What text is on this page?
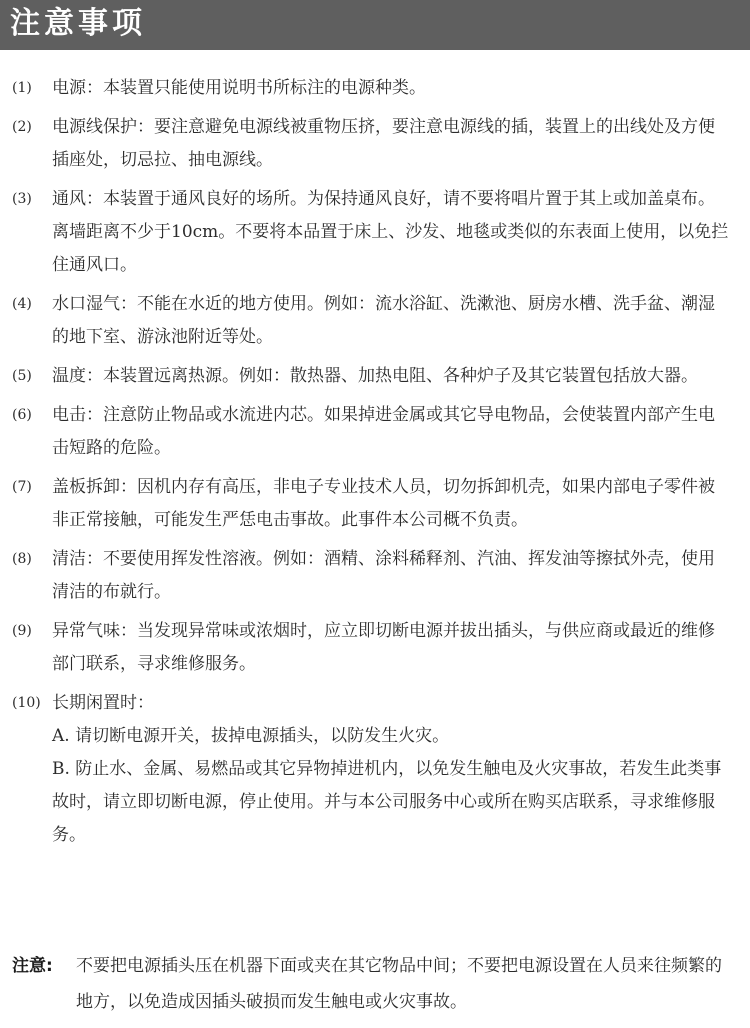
注意事项
(1)	电源：本装置只能使用说明书所标注的电源种类。
(2)	电源线保护：要注意避免电源线被重物压挤，要注意电源线的插，装置上的出线处及方便插座处，切忌拉、抽电源线。
(3)	通风：本装置于通风良好的场所。为保持通风良好，请不要将唱片置于其上或加盖桌布。离墙距离不少于10cm。不要将本品置于床上、沙发、地毯或类似的东表面上使用，以免拦住通风口。
(4)	水口湿气：不能在水近的地方使用。例如：流水浴缸、洗漱池、厨房水槽、洗手盆、潮湿的地下室、游泳池附近等处。
(5)	温度：本装置远离热源。例如：散热器、加热电阻、各种炉子及其它装置包括放大器。
(6)	电击：注意防止物品或水流进内芯。如果掉进金属或其它导电物品，会使装置内部产生电击短路的危险。
(7)	盖板拆卸：因机内存有高压，非电子专业技术人员，切勿拆卸机壳，如果内部电子零件被非正常接触，可能发生严恁电击事故。此事件本公司概不负责。
(8)	清洁：不要使用挥发性溶液。例如：酒精、涂料稀释剂、汽油、挥发油等擦拭外壳，使用清洁的布就行。
(9)	异常气味：当发现异常味或浓烟时，应立即切断电源并拔出插头，与供应商或最近的维修部门联系，寻求维修服务。
(10) 长期闲置时：
A. 请切断电源开关，拔掉电源插头，以防发生火灾。
B. 防止水、金属、易燃品或其它异物掉进机内，以免发生触电及火灾事故，若发生此类事故时，请立即切断电源，停止使用。并与本公司服务中心或所在购买店联系，寻求维修服务。
注意: 不要把电源插头压在机器下面或夹在其它物品中间；不要把电源设置在人员来往频繁的地方，以免造成因插头破损而发生触电或火灾事故。
